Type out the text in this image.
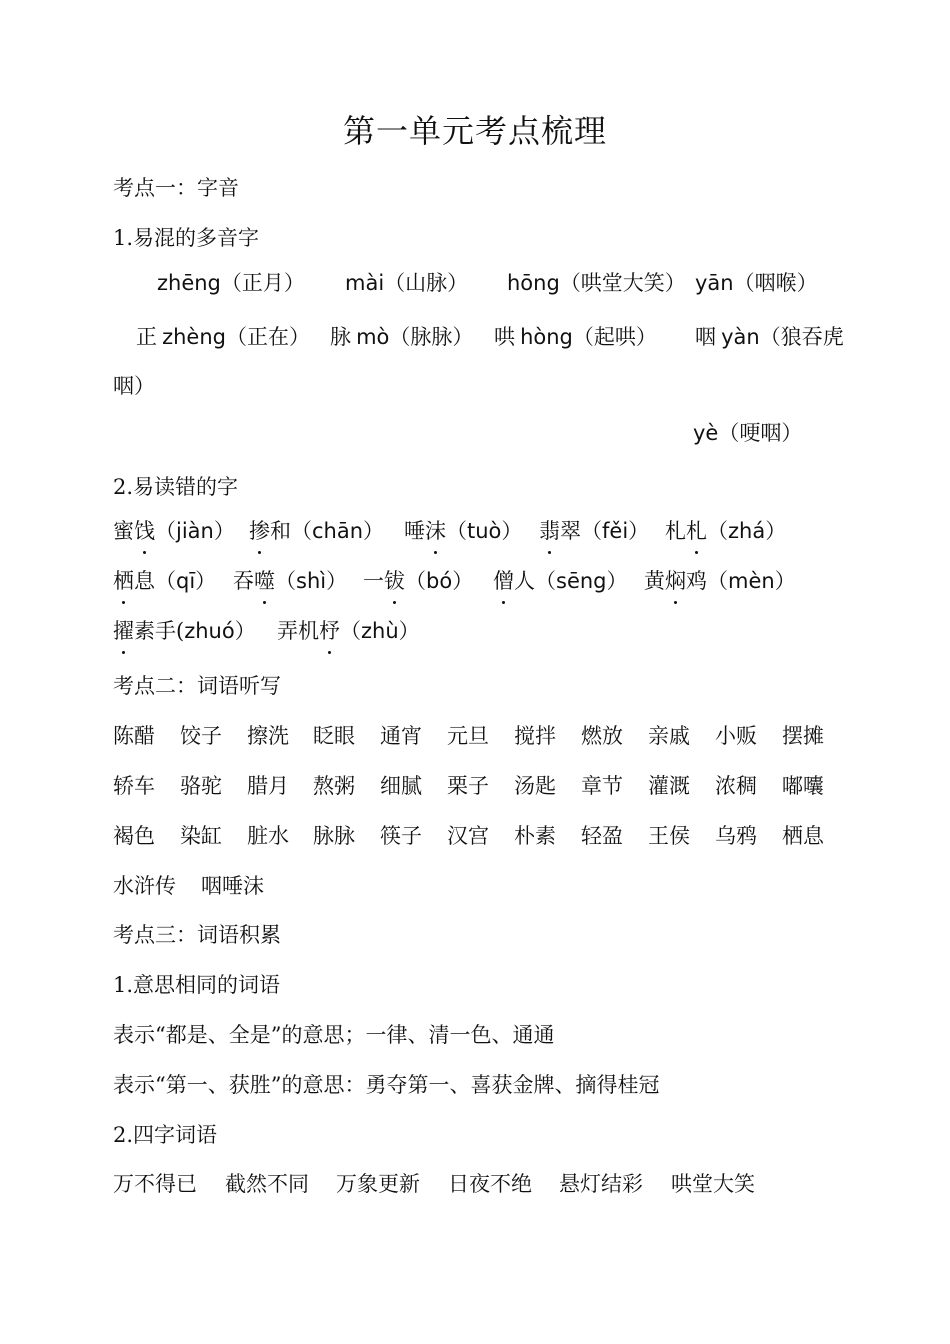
第一单元考点梳理
考点一：字音
1.易混的多音字
zhēng（正月） mài（山脉） hōng（哄堂大笑） yān（咽喉）
正 zhèng（正在） 脉 mò（脉脉） 哄 hòng（起哄） 咽 yàn（狼吞虎
咽）
yè（哽咽）
2.易读错的字
蜜饯（jiàn） 掺和（chān） 唾沫（tuò） 翡翠（fěi） 札札（zhá）
栖息（qī） 吞噬（shì） 一钹（bó） 僧人（sēng） 黄焖鸡（mèn）
擢素手(zhuó） 弄机杼（zhù）
考点二：词语听写
陈醋 饺子 擦洗 眨眼 通宵 元旦 搅拌 燃放 亲戚 小贩 摆摊
轿车 骆驼 腊月 熬粥 细腻 栗子 汤匙 章节 灌溉 浓稠 嘟囔
褐色 染缸 脏水 脉脉 筷子 汉宫 朴素 轻盈 王侯 乌鸦 栖息
水浒传 咽唾沫
考点三：词语积累
1.意思相同的词语
表示“都是、全是”的意思；一律、清一色、通通
表示“第一、获胜”的意思：勇夺第一、喜获金牌、摘得桂冠
2.四字词语
万不得已 截然不同 万象更新 日夜不绝 悬灯结彩 哄堂大笑
